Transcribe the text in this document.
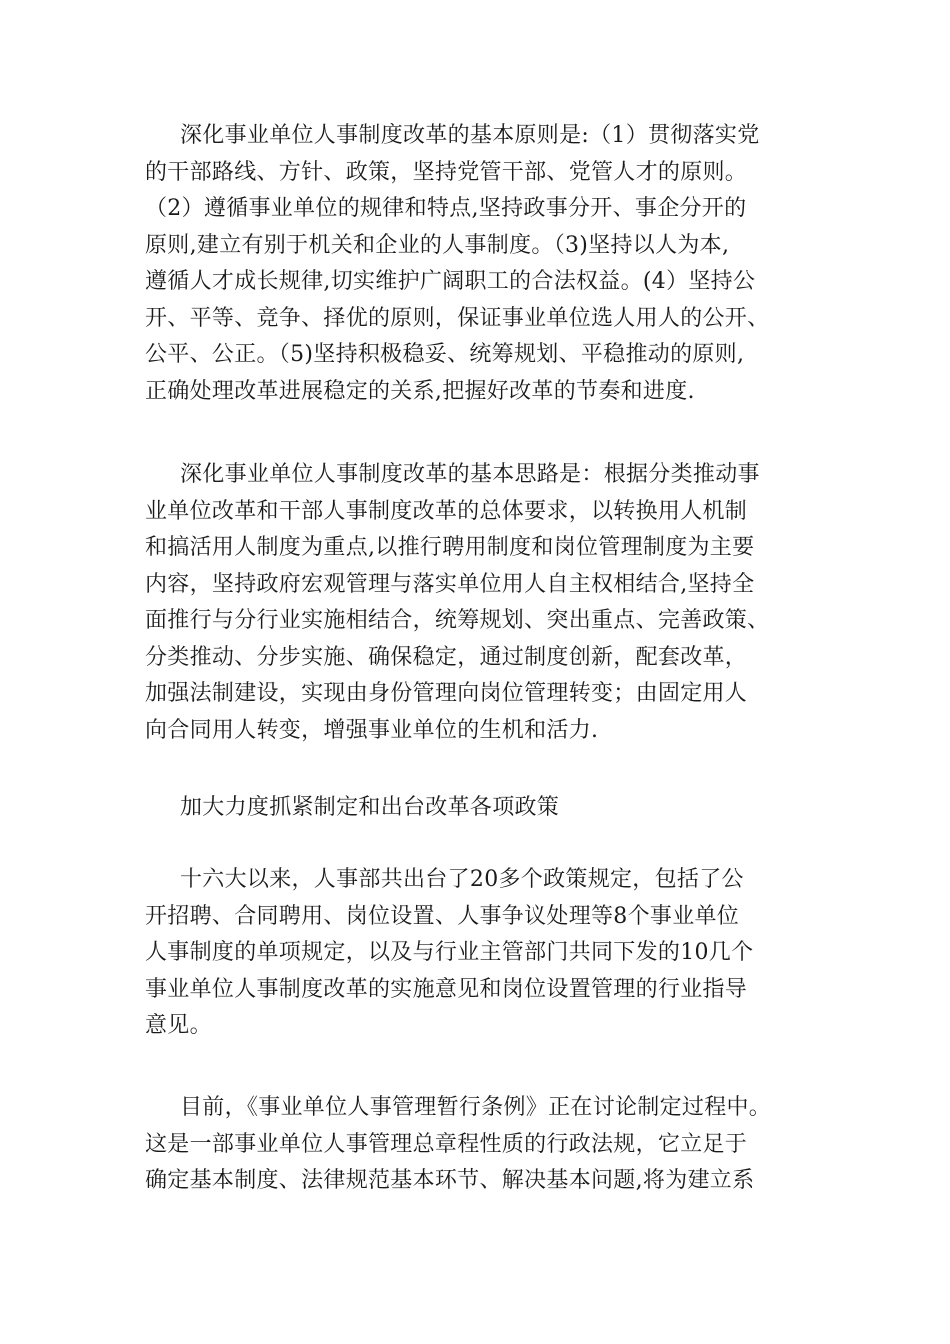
深化事业单位人事制度改革的基本原则是:（1）贯彻落实党
的干部路线、方针、政策，坚持党管干部、党管人才的原则。
（2）遵循事业单位的规律和特点,坚持政事分开、事企分开的
原则,建立有别于机关和企业的人事制度。（3)坚持以人为本,
遵循人才成长规律,切实维护广阔职工的合法权益。(4）坚持公
开、平等、竞争、择优的原则，保证事业单位选人用人的公开、
公平、公正。（5)坚持积极稳妥、统筹规划、平稳推动的原则,
正确处理改革进展稳定的关系,把握好改革的节奏和进度.
深化事业单位人事制度改革的基本思路是：根据分类推动事
业单位改革和干部人事制度改革的总体要求，以转换用人机制
和搞活用人制度为重点,以推行聘用制度和岗位管理制度为主要
内容，坚持政府宏观管理与落实单位用人自主权相结合,坚持全
面推行与分行业实施相结合，统筹规划、突出重点、完善政策、
分类推动、分步实施、确保稳定，通过制度创新，配套改革，
加强法制建设，实现由身份管理向岗位管理转变；由固定用人
向合同用人转变，增强事业单位的生机和活力.
加大力度抓紧制定和出台改革各项政策
十六大以来，人事部共出台了20多个政策规定，包括了公
开招聘、合同聘用、岗位设置、人事争议处理等8个事业单位
人事制度的单项规定，以及与行业主管部门共同下发的10几个
事业单位人事制度改革的实施意见和岗位设置管理的行业指导
意见。
目前，《事业单位人事管理暂行条例》正在讨论制定过程中。
这是一部事业单位人事管理总章程性质的行政法规，它立足于
确定基本制度、法律规范基本环节、解决基本问题,将为建立系
